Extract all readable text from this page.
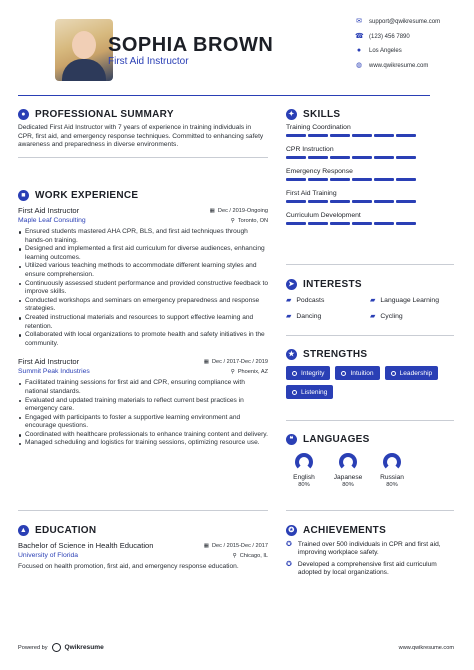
SOPHIA BROWN
First Aid Instructor
✉ support@qwikresume.com
☎ (123) 456 7890
●	Los Angeles
◍ www.qwikresume.com
● PROFESSIONAL SUMMARY
Dedicated First Aid Instructor with 7 years of experience in training individuals in CPR, first aid, and emergency response techniques. Committed to enhancing safety awareness and preparedness in diverse environments.
■ WORK EXPERIENCE
First Aid Instructor	▦ Dec / 2019-Ongoing
Maple Leaf Consulting	⚲ Toronto, ON
Ensured students mastered AHA CPR, BLS, and first aid techniques through hands-on training.
Designed and implemented a first aid curriculum for diverse audiences, enhancing learning outcomes.
Utilized various teaching methods to accommodate different learning styles and ensure comprehension.
Continuously assessed student performance and provided constructive feedback to improve skills.
Conducted workshops and seminars on emergency preparedness and response strategies.
Created instructional materials and resources to support effective learning and retention.
Collaborated with local organizations to promote health and safety initiatives in the community.
First Aid Instructor	▦ Dec / 2017-Dec / 2019
Summit Peak Industries	⚲ Phoenix, AZ
Facilitated training sessions for first aid and CPR, ensuring compliance with national standards.
Evaluated and updated training materials to reflect current best practices in emergency care.
Engaged with participants to foster a supportive learning environment and encourage questions.
Coordinated with healthcare professionals to enhance training content and delivery.
Managed scheduling and logistics for training sessions, optimizing resource use.
▲ EDUCATION
Bachelor of Science in Health Education	▦ Dec / 2015-Dec / 2017
University of Florida	⚲ Chicago, IL
Focused on health promotion, first aid, and emergency response education.
✦ SKILLS
Training Coordination
CPR Instruction
Emergency Response
First Aid Training
Curriculum Development
➤ INTERESTS
▰ Podcasts	▰ Language Learning
▰ Dancing	▰ Cycling
★ STRENGTHS
Integrity	Intuition	Leadership
Listening
❝ LANGUAGES
English
80%
Japanese
80%
Russian
80%
✪ ACHIEVEMENTS
✪ Trained over 500 individuals in CPR and first aid, improving workplace safety.
✪ Developed a comprehensive first aid curriculum adopted by local organizations.
Powered by	Qwikresume	www.qwikresume.com
